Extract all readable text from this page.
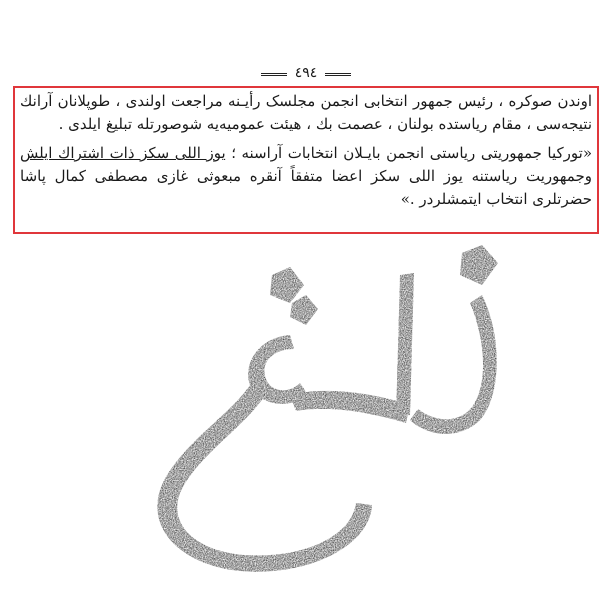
٤٩٤

اوندن صوکره ، رئیس جمهور انتخابی انجمن مجلسک رأیـنه مراجعت اولندی ، طوپلانان آرانك نتیجه‌سی ، مقام ریاستده بولنان ، عصمت بك ، هیئت عمومیه‌یه شوصورتله تبلیغ ایلدی .

«تورکیا جمهوریتی ریاستی انجمن بایـلان انتخابات آراسنه ؛ یوز اللی سکز ذات اشتراك ایلش وجمهوریت ریاستنه یوز اللی سکز اعضا متفقاً آنقره مبعوثی غازی مصطفی کمال پاشا حضرتلری انتخاب ایتمشلردر .»
